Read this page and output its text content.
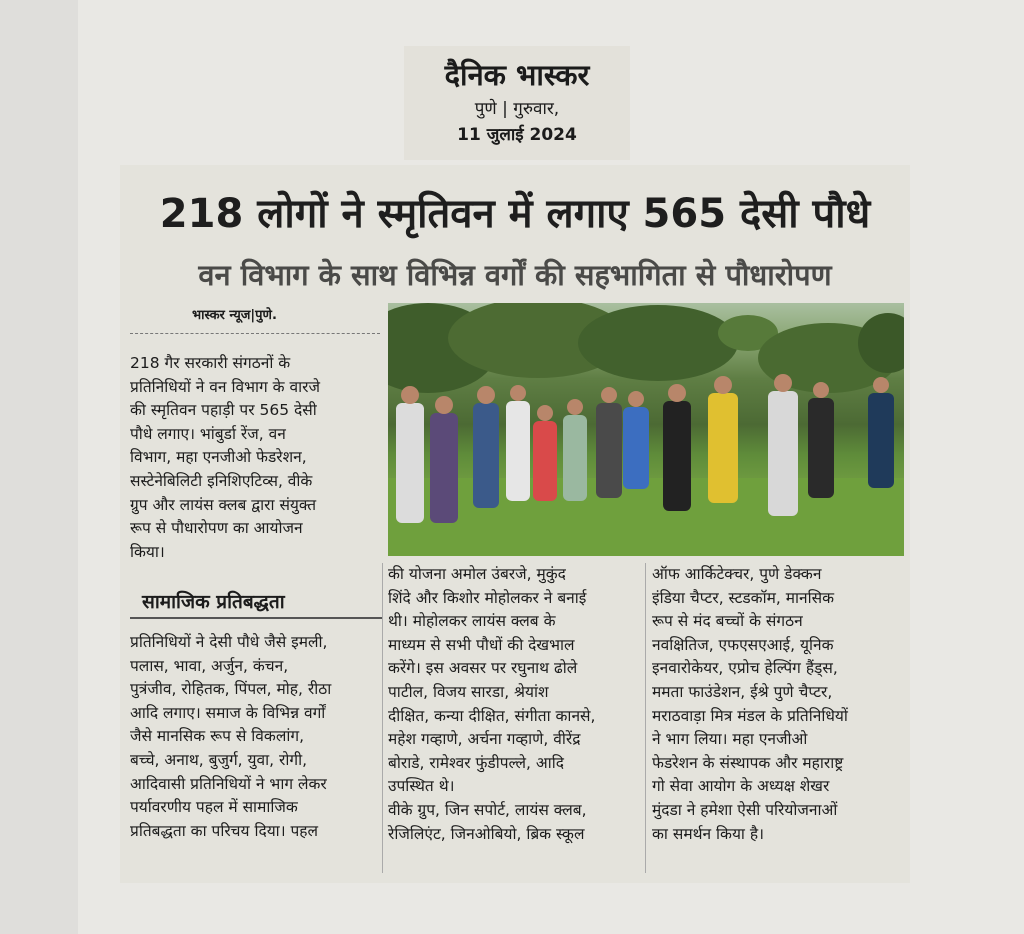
दैनिक भास्कर
पुणे | गुरुवार,
11 जुलाई 2024
218 लोगों ने स्मृतिवन में लगाए 565 देसी पौधे
वन विभाग के साथ विभिन्न वर्गों की सहभागिता से पौधारोपण
भास्कर न्यूज|पुणे.
218 गैर सरकारी संगठनों के
प्रतिनिधियों ने वन विभाग के वारजे
की स्मृतिवन पहाड़ी पर 565 देसी
पौधे लगाए। भांबुर्डा रेंज, वन
विभाग, महा एनजीओ फेडरेशन,
सस्टेनेबिलिटी इनिशिएटिव्स, वीके
ग्रुप और लायंस क्लब द्वारा संयुक्त
रूप से पौधारोपण का आयोजन
किया।
सामाजिक प्रतिबद्धता
प्रतिनिधियों ने देसी पौधे जैसे इमली,
पलास, भावा, अर्जुन, कंचन,
पुत्रंजीव, रोहितक, पिंपल, मोह, रीठा
आदि लगाए। समाज के विभिन्न वर्गों
जैसे मानसिक रूप से विकलांग,
बच्चे, अनाथ, बुजुर्ग, युवा, रोगी,
आदिवासी प्रतिनिधियों ने भाग लेकर
पर्यावरणीय पहल में सामाजिक
प्रतिबद्धता का परिचय दिया। पहल
की योजना अमोल उंबरजे, मुकुंद
शिंदे और किशोर मोहोलकर ने बनाई
थी। मोहोलकर लायंस क्लब के
माध्यम से सभी पौधों की देखभाल
करेंगे। इस अवसर पर रघुनाथ ढोले
पाटील, विजय सारडा, श्रेयांश
दीक्षित, कन्या दीक्षित, संगीता कानसे,
महेश गव्हाणे, अर्चना गव्हाणे, वीरेंद्र
बोराडे, रामेश्वर फुंडीपल्ले, आदि
उपस्थित थे।
वीके ग्रुप, जिन सपोर्ट, लायंस क्लब,
रेजिलिएंट, जिनओबियो, ब्रिक स्कूल
ऑफ आर्किटेक्चर, पुणे डेक्कन
इंडिया चैप्टर, स्टडकॉम, मानसिक
रूप से मंद बच्चों के संगठन
नवक्षितिज, एफएसएआई, यूनिक
इनवारोकेयर, एप्रोच हेल्पिंग हैंड्स,
ममता फाउंडेशन, ईश्रे पुणे चैप्टर,
मराठवाड़ा मित्र मंडल के प्रतिनिधियों
ने भाग लिया। महा एनजीओ
फेडरेशन के संस्थापक और महाराष्ट्र
गो सेवा आयोग के अध्यक्ष शेखर
मुंदडा ने हमेशा ऐसी परियोजनाओं
का समर्थन किया है।
